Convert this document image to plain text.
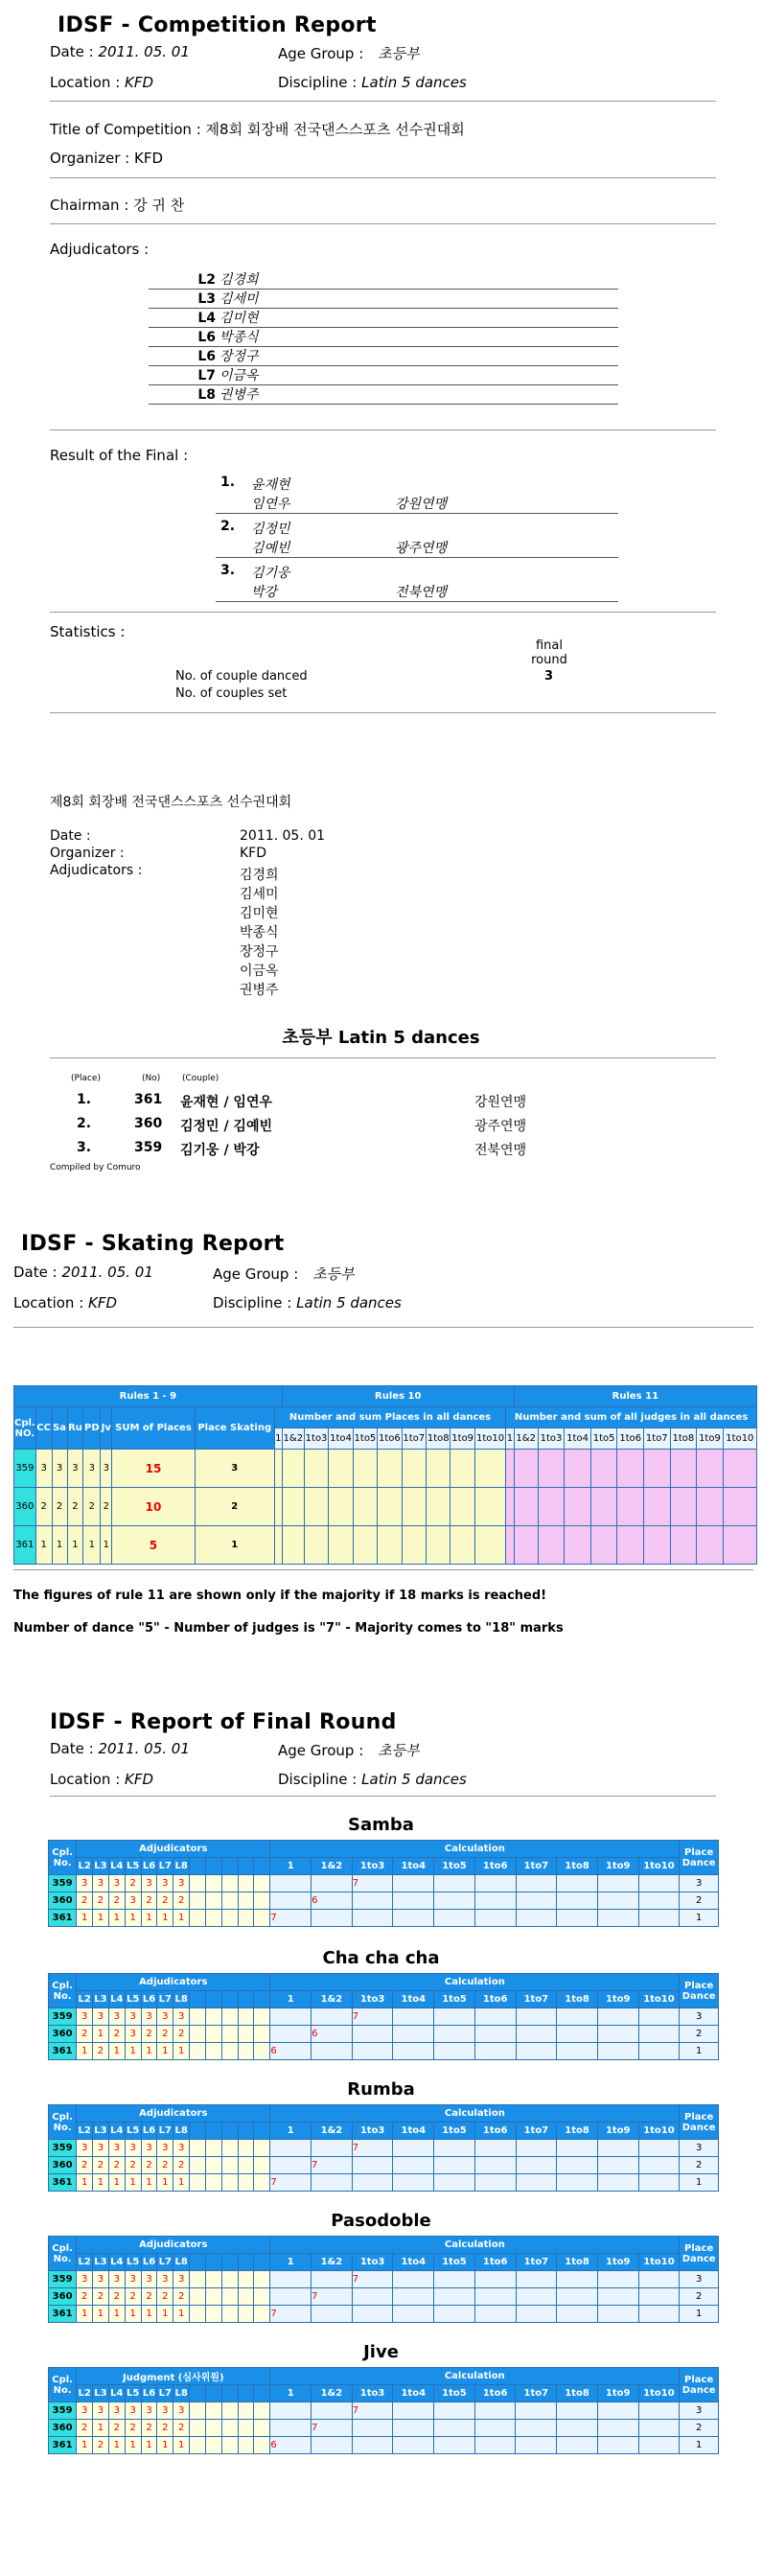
IDSF - Competition Report
Date : 2011. 05. 01	Age Group : 초등부
Location : KFD	Discipline : Latin 5 dances
Title of Competition : 제8회 회장배 전국댄스스포츠 선수권대회
Organizer : KFD
Chairman : 강 귀 찬
Adjudicators :
L2 김경희
L3 김세미
L4 김미현
L6 박종식
L6 장정구
L7 이금옥
L8 권병주
Result of the Final :
1. 윤재현
임연우	강원연맹
2. 김정민
김예빈	광주연맹
3. 김기웅
박강	전북연맹
Statistics :
final round
3
No. of couple danced
No. of couples set
제8회 회장배 전국댄스스포츠 선수권대회
Date :	2011. 05. 01
Organizer :	KFD
Adjudicators :	김경희
김세미
김미현
박종식
장정구
이금옥
권병주
초등부 Latin 5 dances
(Place)	(No)	(Couple)
1.	361 윤재현 / 임연우	강원연맹
2.	360 김정민 / 김예빈	광주연맹
3.	359 김기웅 / 박강	전북연맹
Compiled by Comuro
IDSF - Skating Report
Date : 2011. 05. 01	Age Group : 초등부
Location : KFD	Discipline : Latin 5 dances
Rules 1 - 9									Rules 10										Rules 11								
Cpl. NO.	CC	Sa	Ru	PD	Jv	SUM of Places	Place Skating	Number and sum Places in all dances										Number and sum of all judges in all dances									
								1	1&2	1to3	1to4	1to5	1to6	1to7	1to8	1to9	1to10	1	1&2	1to3	1to4	1to5	1to6	1to7	1to8	1to9	1to10
359	3	3	3	3	3	15	3																				
360	2	2	2	2	2	10	2																				
361	1	1	1	1	1	5	1																				
The figures of rule 11 are shown only if the majority if 18 marks is reached!
Number of dance "5" - Number of judges is "7" - Majority comes to "18" marks
IDSF - Report of Final Round
Date : 2011. 05. 01	Age Group : 초등부
Location : KFD	Discipline : Latin 5 dances
Samba
Cpl. No.	Adjudicators												Calculation										Place Dance
	L2	L3	L4	L5	L6	L7	L8						1	1&2	1to3	1to4	1to5	1to6	1to7	1to8	1to9	1to10	
359	3	3	3	2	3	3	3								7								3
360	2	2	2	3	2	2	2							6									2
361	1	1	1	1	1	1	1						7										1
Cha cha cha
Cpl. No.	Adjudicators												Calculation										Place Dance
	L2	L3	L4	L5	L6	L7	L8						1	1&2	1to3	1to4	1to5	1to6	1to7	1to8	1to9	1to10	
359	3	3	3	3	3	3	3								7								3
360	2	1	2	3	2	2	2							6									2
361	1	2	1	1	1	1	1						6										1
Rumba
Cpl. No.	Adjudicators												Calculation										Place Dance
	L2	L3	L4	L5	L6	L7	L8						1	1&2	1to3	1to4	1to5	1to6	1to7	1to8	1to9	1to10	
359	3	3	3	3	3	3	3								7								3
360	2	2	2	2	2	2	2							7									2
361	1	1	1	1	1	1	1						7										1
Pasodoble
Cpl. No.	Adjudicators												Calculation										Place Dance
	L2	L3	L4	L5	L6	L7	L8						1	1&2	1to3	1to4	1to5	1to6	1to7	1to8	1to9	1to10	
359	3	3	3	3	3	3	3								7								3
360	2	2	2	2	2	2	2							7									2
361	1	1	1	1	1	1	1						7										1
Jive
Cpl. No.	Judgment (심사위원)												Calculation										Place Dance
	L2	L3	L4	L5	L6	L7	L8						1	1&2	1to3	1to4	1to5	1to6	1to7	1to8	1to9	1to10	
359	3	3	3	3	3	3	3								7								3
360	2	1	2	2	2	2	2							7									2
361	1	2	1	1	1	1	1						6										1
